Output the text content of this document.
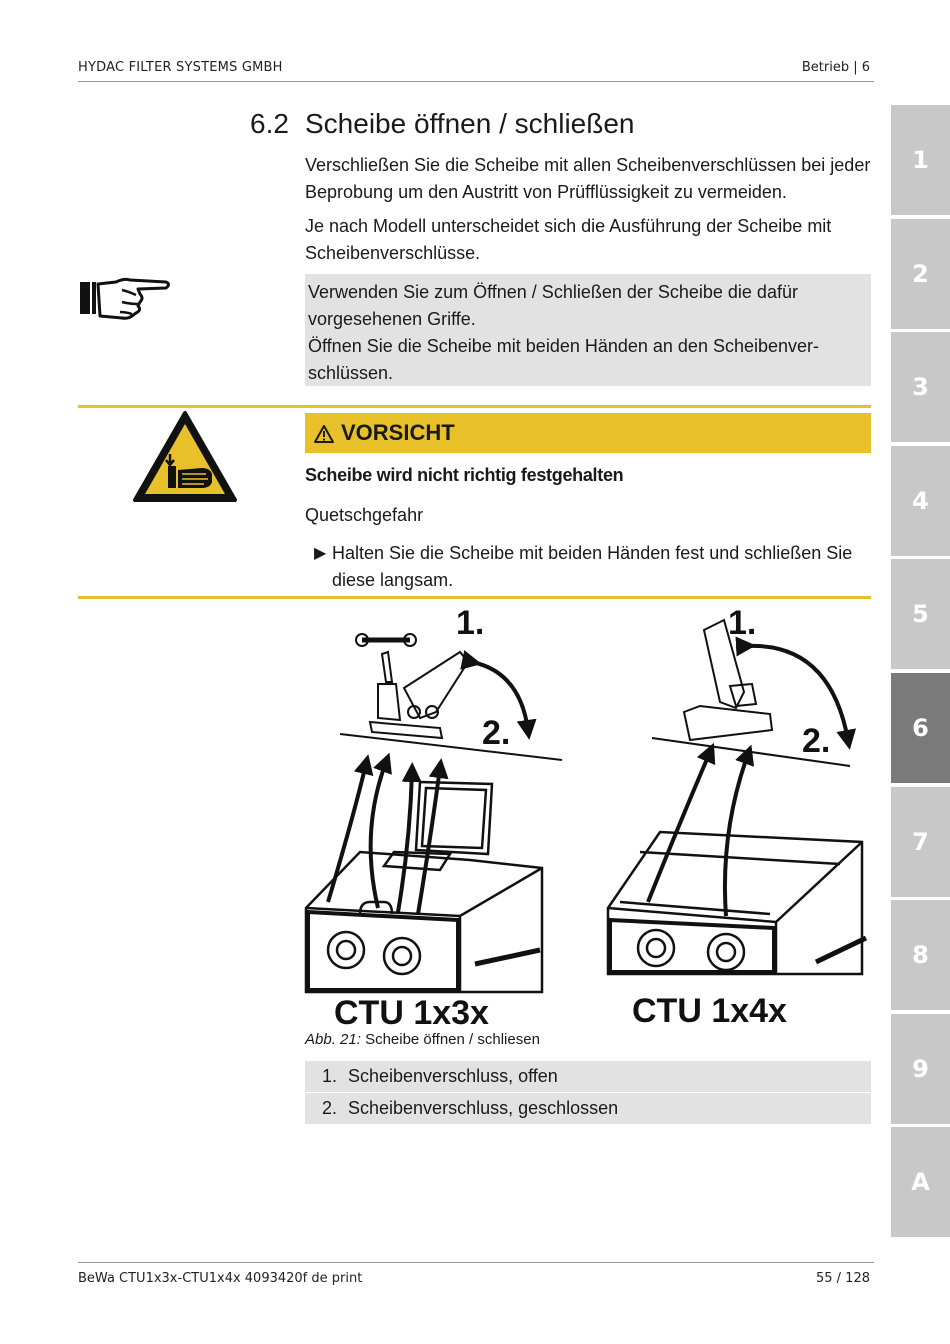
HYDAC FILTER SYSTEMS GMBH	Betrieb | 6
1
2
3
4
5
6
7
8
9
A
6.2 Scheibe öffnen / schließen
Verschließen Sie die Scheibe mit allen Scheibenverschlüssen bei jeder Beprobung um den Austritt von Prüfflüssigkeit zu vermeiden.
Je nach Modell unterscheidet sich die Ausführung der Scheibe mit Scheibenverschlüsse.
Verwenden Sie zum Öffnen / Schließen der Scheibe die dafür
vorgesehenen Griffe.
Öffnen Sie die Scheibe mit beiden Händen an den Scheibenver-
schlüssen.
VORSICHT
Scheibe wird nicht richtig festgehalten
Quetschgefahr
▶ Halten Sie die Scheibe mit beiden Händen fest und schließen Sie diese langsam.
1.
2.
CTU 1x3x
1.
2.
CTU 1x4x
Abb. 21: Scheibe öffnen / schliesen
1. Scheibenverschluss, offen
2. Scheibenverschluss, geschlossen
BeWa CTU1x3x-CTU1x4x 4093420f de print	55 / 128
